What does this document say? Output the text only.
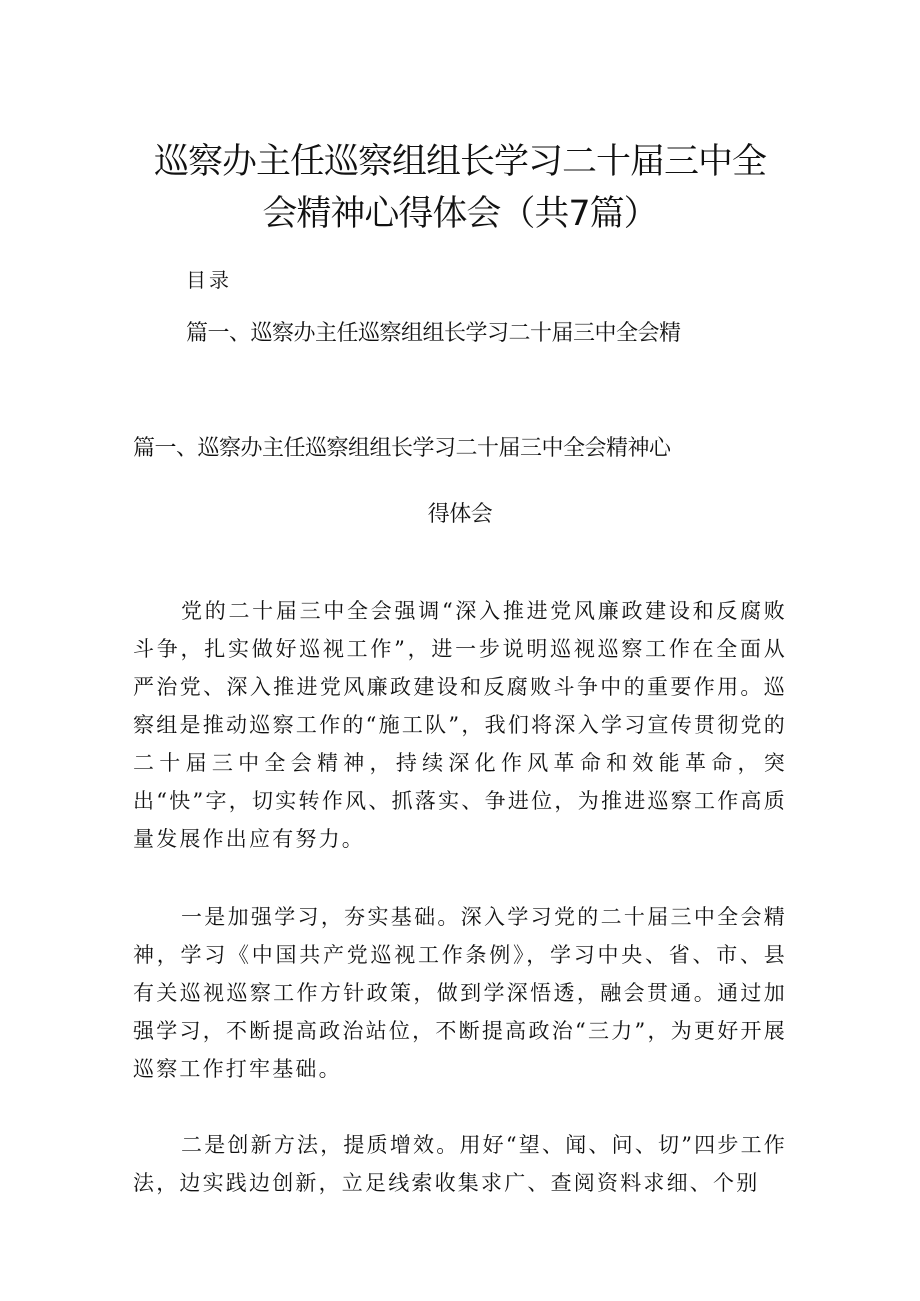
巡察办主任巡察组组长学习二十届三中全
会精神心得体会（共7篇）
目录
篇一、巡察办主任巡察组组长学习二十届三中全会精
篇一、巡察办主任巡察组组长学习二十届三中全会精神心
得体会

党的二十届三中全会强调“深入推进党风廉政建设和反腐败斗争，扎实做好巡视工作”，进一步说明巡视巡察工作在全面从严治党、深入推进党风廉政建设和反腐败斗争中的重要作用。巡察组是推动巡察工作的“施工队”，我们将深入学习宣传贯彻党的二十届三中全会精神，持续深化作风革命和效能革命，突出“快”字，切实转作风、抓落实、争进位，为推进巡察工作高质量发展作出应有努力。

一是加强学习，夯实基础。深入学习党的二十届三中全会精神，学习《中国共产党巡视工作条例》，学习中央、省、市、县有关巡视巡察工作方针政策，做到学深悟透，融会贯通。通过加强学习，不断提高政治站位，不断提高政治“三力”，为更好开展巡察工作打牢基础。

二是创新方法，提质增效。用好“望、闻、问、切”四步工作法，边实践边创新，立足线索收集求广、查阅资料求细、个别
